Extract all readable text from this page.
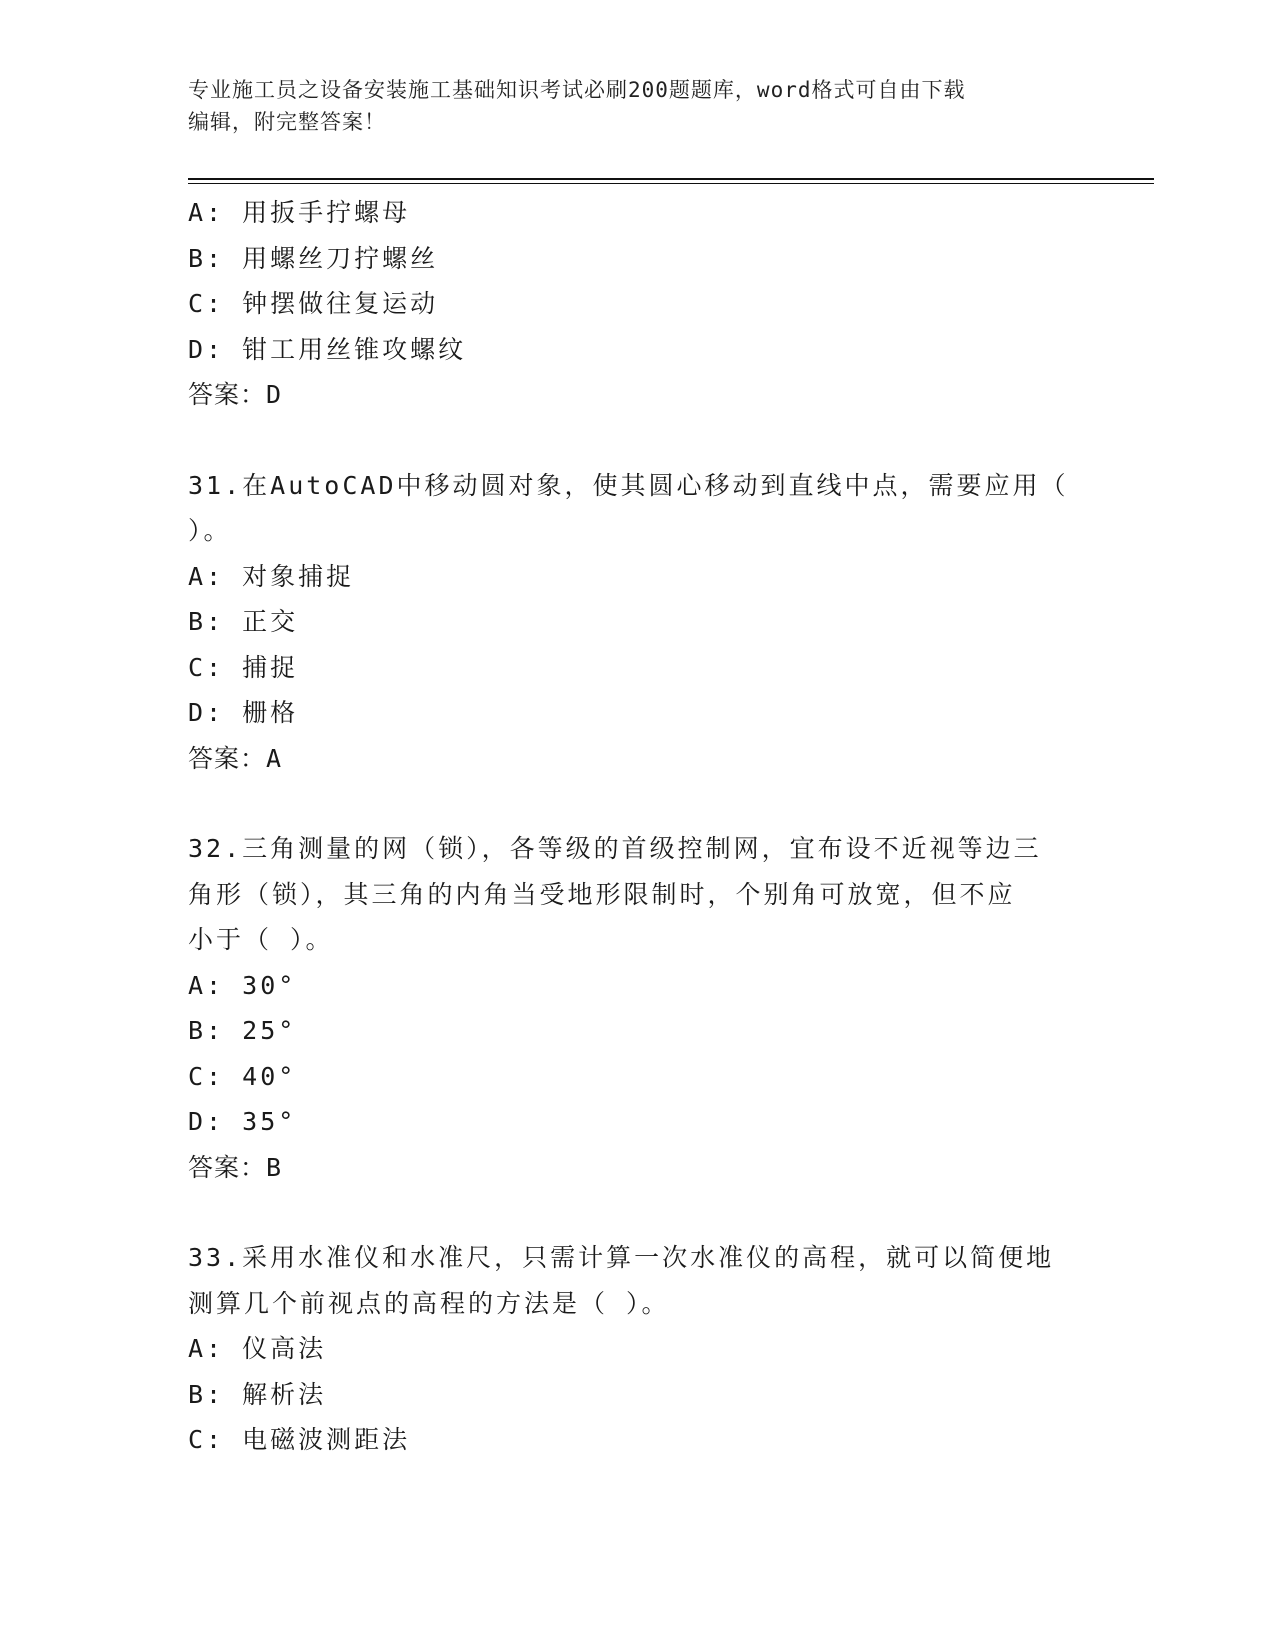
专业施工员之设备安装施工基础知识考试必刷200题题库，word格式可自由下载
编辑，附完整答案！
A: 用扳手拧螺母
B: 用螺丝刀拧螺丝
C: 钟摆做往复运动
D: 钳工用丝锥攻螺纹
答案：D
31.在AutoCAD中移动圆对象，使其圆心移动到直线中点，需要应用（
）。
A: 对象捕捉
B: 正交
C: 捕捉
D: 栅格
答案：A
32.三角测量的网（锁），各等级的首级控制网，宜布设不近视等边三
角形（锁），其三角的内角当受地形限制时，个别角可放宽，但不应
小于（ ）。
A: 30°
B: 25°
C: 40°
D: 35°
答案：B
33.采用水准仪和水准尺，只需计算一次水准仪的高程，就可以简便地
测算几个前视点的高程的方法是（ ）。
A: 仪高法
B: 解析法
C: 电磁波测距法
